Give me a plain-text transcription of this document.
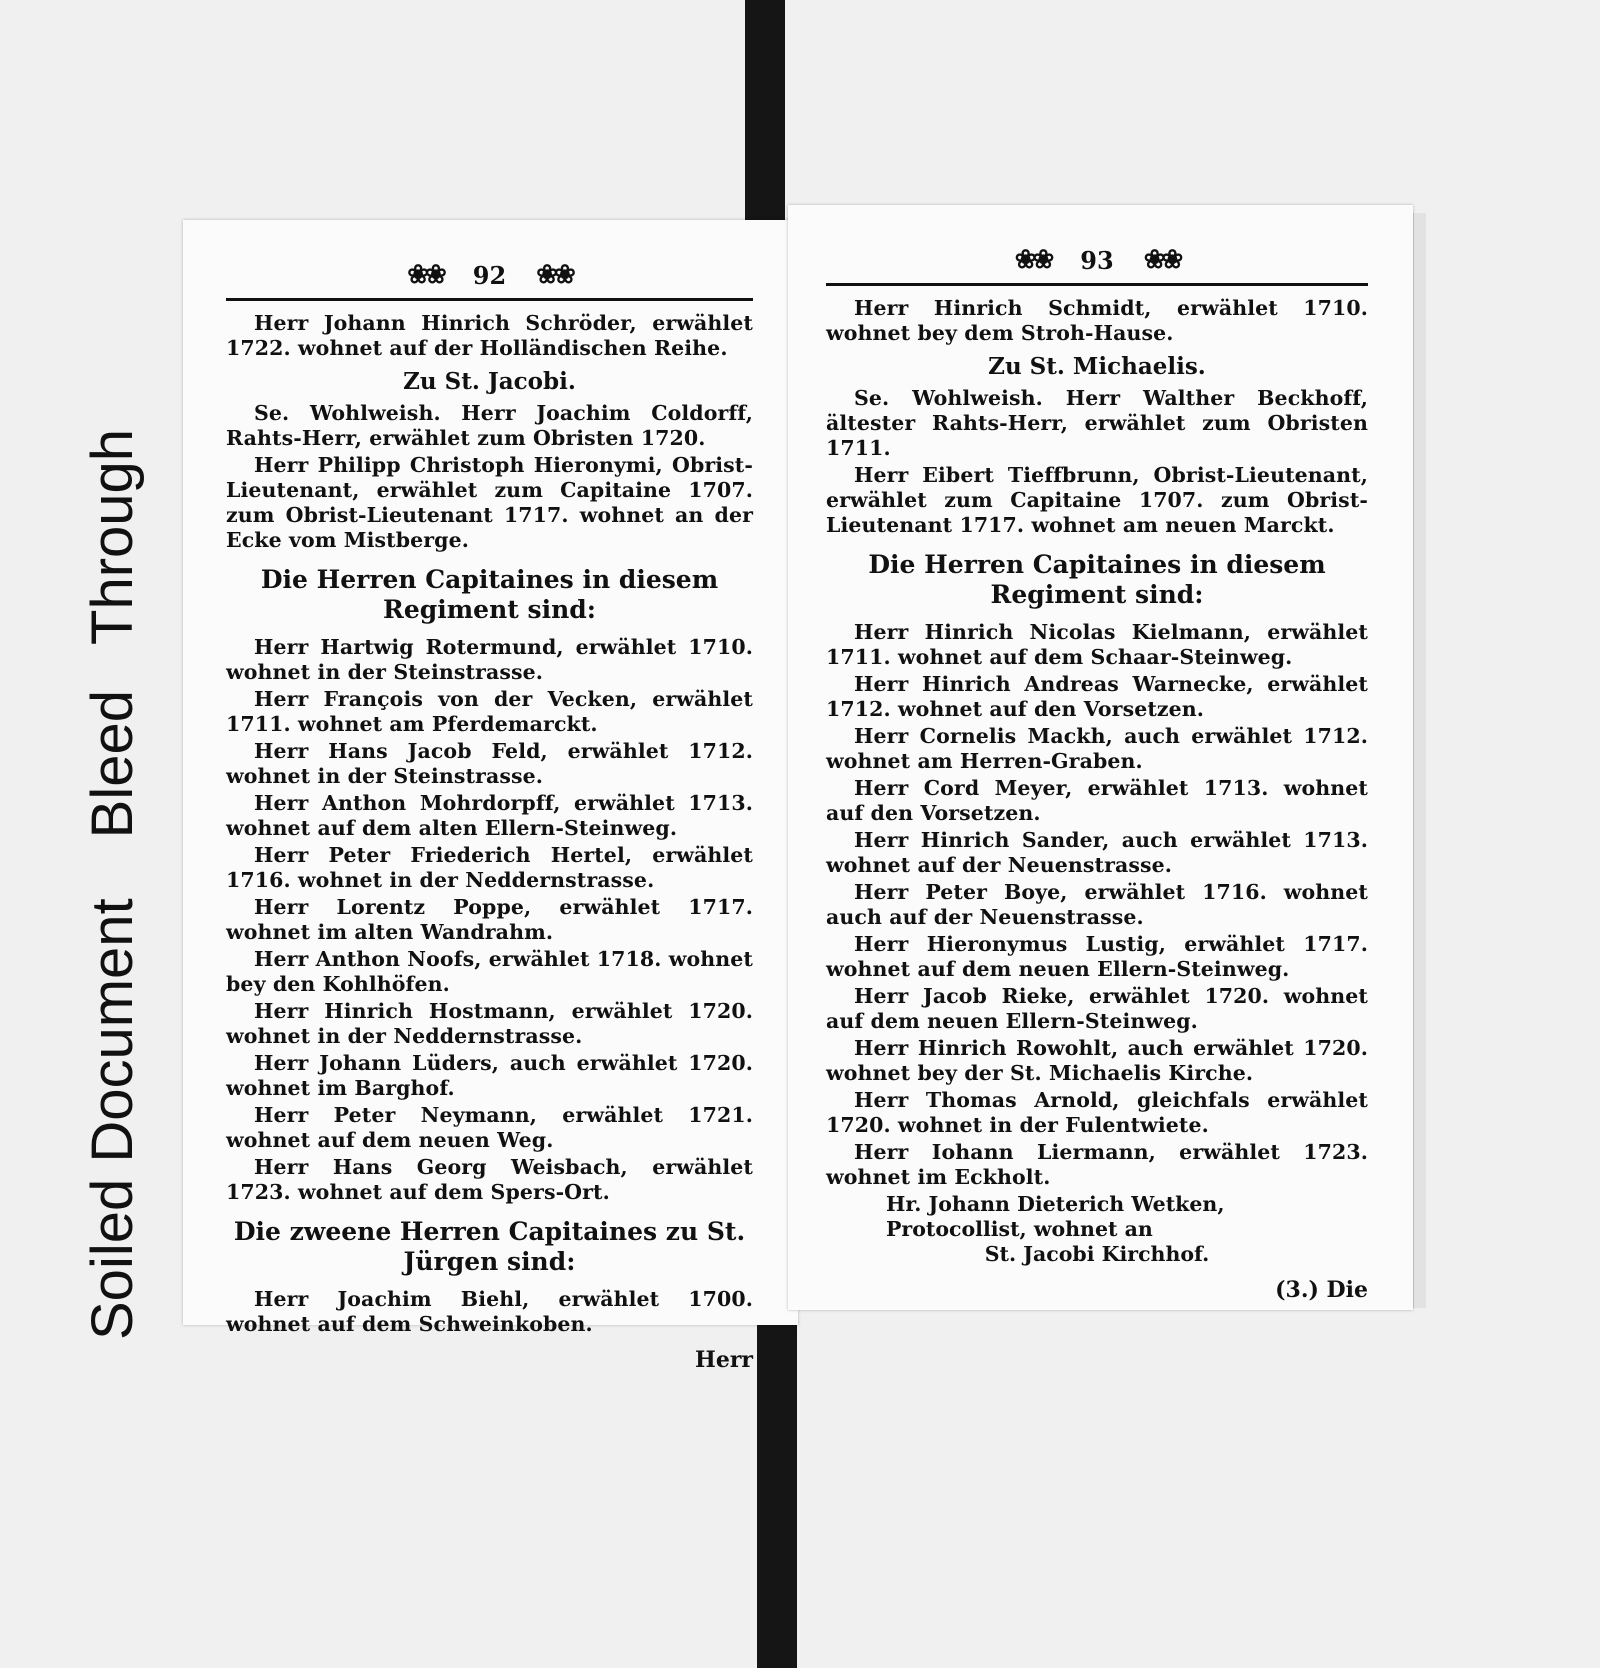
Soiled Document
Bleed
Through
❀❀ 92 ❀❀

Herr Johann Hinrich Schröder, erwählet 1722. wohnet auf der Holländischen Reihe.

Zu St. Jacobi.

Se. Wohlweish. Herr Joachim Coldorff, Rahts-Herr, erwählet zum Obristen 1720.

Herr Philipp Christoph Hieronymi, Obrist-Lieutenant, erwählet zum Capitaine 1707. zum Obrist-Lieutenant 1717. wohnet an der Ecke vom Mistberge.

Die Herren Capitaines in diesem Regiment sind:

Herr Hartwig Rotermund, erwählet 1710. wohnet in der Steinstrasse.

Herr François von der Vecken, erwählet 1711. wohnet am Pferdemarckt.

Herr Hans Jacob Feld, erwählet 1712. wohnet in der Steinstrasse.

Herr Anthon Mohrdorpff, erwählet 1713. wohnet auf dem alten Ellern-Steinweg.

Herr Peter Friederich Hertel, erwählet 1716. wohnet in der Neddernstrasse.

Herr Lorentz Poppe, erwählet 1717. wohnet im alten Wandrahm.

Herr Anthon Noofs, erwählet 1718. wohnet bey den Kohlhöfen.

Herr Hinrich Hostmann, erwählet 1720. wohnet in der Neddernstrasse.

Herr Johann Lüders, auch erwählet 1720. wohnet im Barghof.

Herr Peter Neymann, erwählet 1721. wohnet auf dem neuen Weg.

Herr Hans Georg Weisbach, erwählet 1723. wohnet auf dem Spers-Ort.

Die zweene Herren Capitaines zu St. Jürgen sind:

Herr Joachim Biehl, erwählet 1700. wohnet auf dem Schweinkoben.

Herr
❀❀ 93 ❀❀

Herr Hinrich Schmidt, erwählet 1710. wohnet bey dem Stroh-Hause.

Zu St. Michaelis.

Se. Wohlweish. Herr Walther Beckhoff, ältester Rahts-Herr, erwählet zum Obristen 1711.

Herr Eibert Tieffbrunn, Obrist-Lieutenant, erwählet zum Capitaine 1707. zum Obrist-Lieutenant 1717. wohnet am neuen Marckt.

Die Herren Capitaines in diesem Regiment sind:

Herr Hinrich Nicolas Kielmann, erwählet 1711. wohnet auf dem Schaar-Steinweg.

Herr Hinrich Andreas Warnecke, erwählet 1712. wohnet auf den Vorsetzen.

Herr Cornelis Mackh, auch erwählet 1712. wohnet am Herren-Graben.

Herr Cord Meyer, erwählet 1713. wohnet auf den Vorsetzen.

Herr Hinrich Sander, auch erwählet 1713. wohnet auf der Neuenstrasse.

Herr Peter Boye, erwählet 1716. wohnet auch auf der Neuenstrasse.

Herr Hieronymus Lustig, erwählet 1717. wohnet auf dem neuen Ellern-Steinweg.

Herr Jacob Rieke, erwählet 1720. wohnet auf dem neuen Ellern-Steinweg.

Herr Hinrich Rowohlt, auch erwählet 1720. wohnet bey der St. Michaelis Kirche.

Herr Thomas Arnold, gleichfals erwählet 1720. wohnet in der Fulentwiete.

Herr Iohann Liermann, erwählet 1723. wohnet im Eckholt.

Hr. Johann Dieterich Wetken, Protocollist, wohnet an
St. Jacobi Kirchhof.
(3.) Die
